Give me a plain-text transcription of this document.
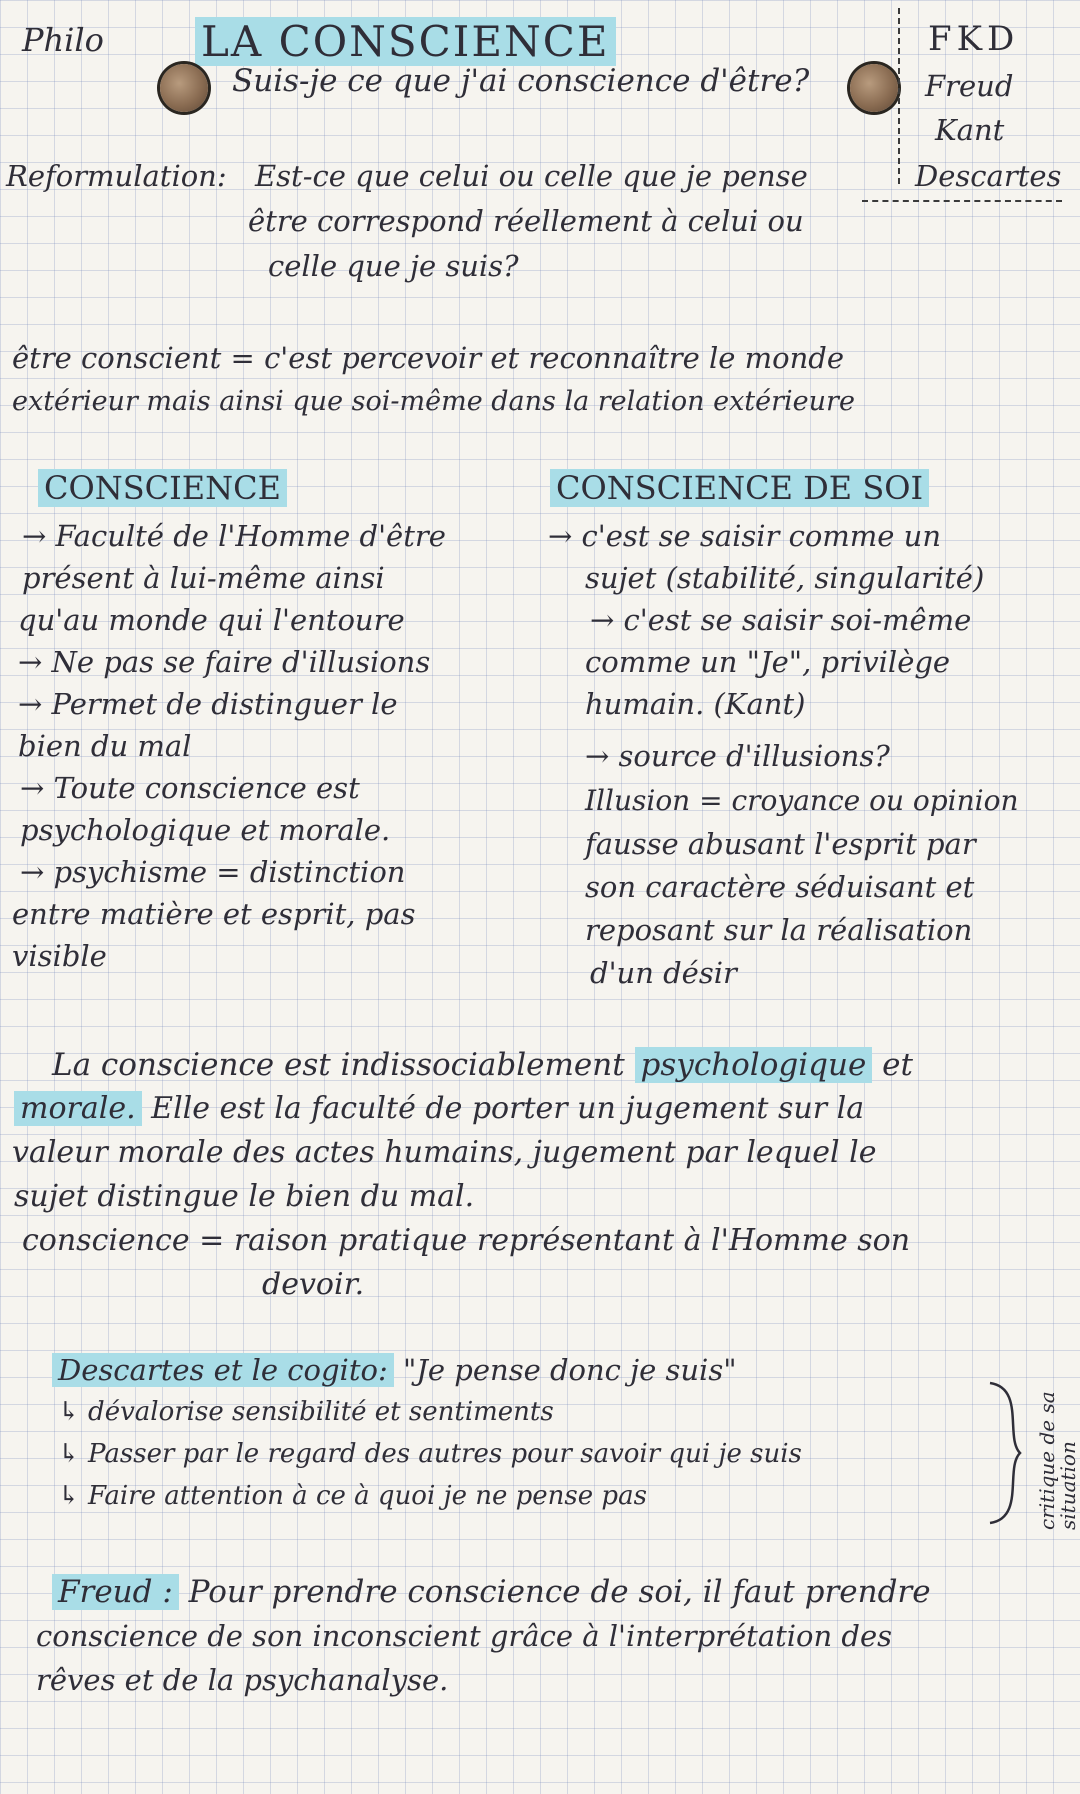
Philo LA CONSCIENCE
Suis-je ce que j'ai conscience d'être?
FKD
Freud
Kant
Descartes
Reformulation: Est-ce que celui ou celle que je pense
être correspond réellement à celui ou
celle que je suis?
être conscient = c'est percevoir et reconnaître le monde
extérieur mais ainsi que soi-même dans la relation extérieure
CONSCIENCE
→ Faculté de l'Homme d'être
présent à lui-même ainsi
qu'au monde qui l'entoure
→ Ne pas se faire d'illusions
→ Permet de distinguer le
bien du mal
→ Toute conscience est
psychologique et morale.
→ psychisme = distinction
entre matière et esprit, pas
visible
CONSCIENCE DE SOI
→ c'est se saisir comme un
sujet (stabilité, singularité)
→ c'est se saisir soi-même
comme un "Je", privilège
humain. (Kant)
→ source d'illusions?
Illusion = croyance ou opinion
fausse abusant l'esprit par
son caractère séduisant et
reposant sur la réalisation
d'un désir
La conscience est indissociablement psychologique et
morale. Elle est la faculté de porter un jugement sur la
valeur morale des actes humains, jugement par lequel le
sujet distingue le bien du mal.
conscience = raison pratique représentant à l'Homme son
devoir.
Descartes et le cogito: "Je pense donc je suis"
↳ dévalorise sensibilité et sentiments
↳ Passer par le regard des autres pour savoir qui je suis
↳ Faire attention à ce à quoi je ne pense pas	critique de sa
situation
Freud : Pour prendre conscience de soi, il faut prendre
conscience de son inconscient grâce à l'interprétation des
rêves et de la psychanalyse.
